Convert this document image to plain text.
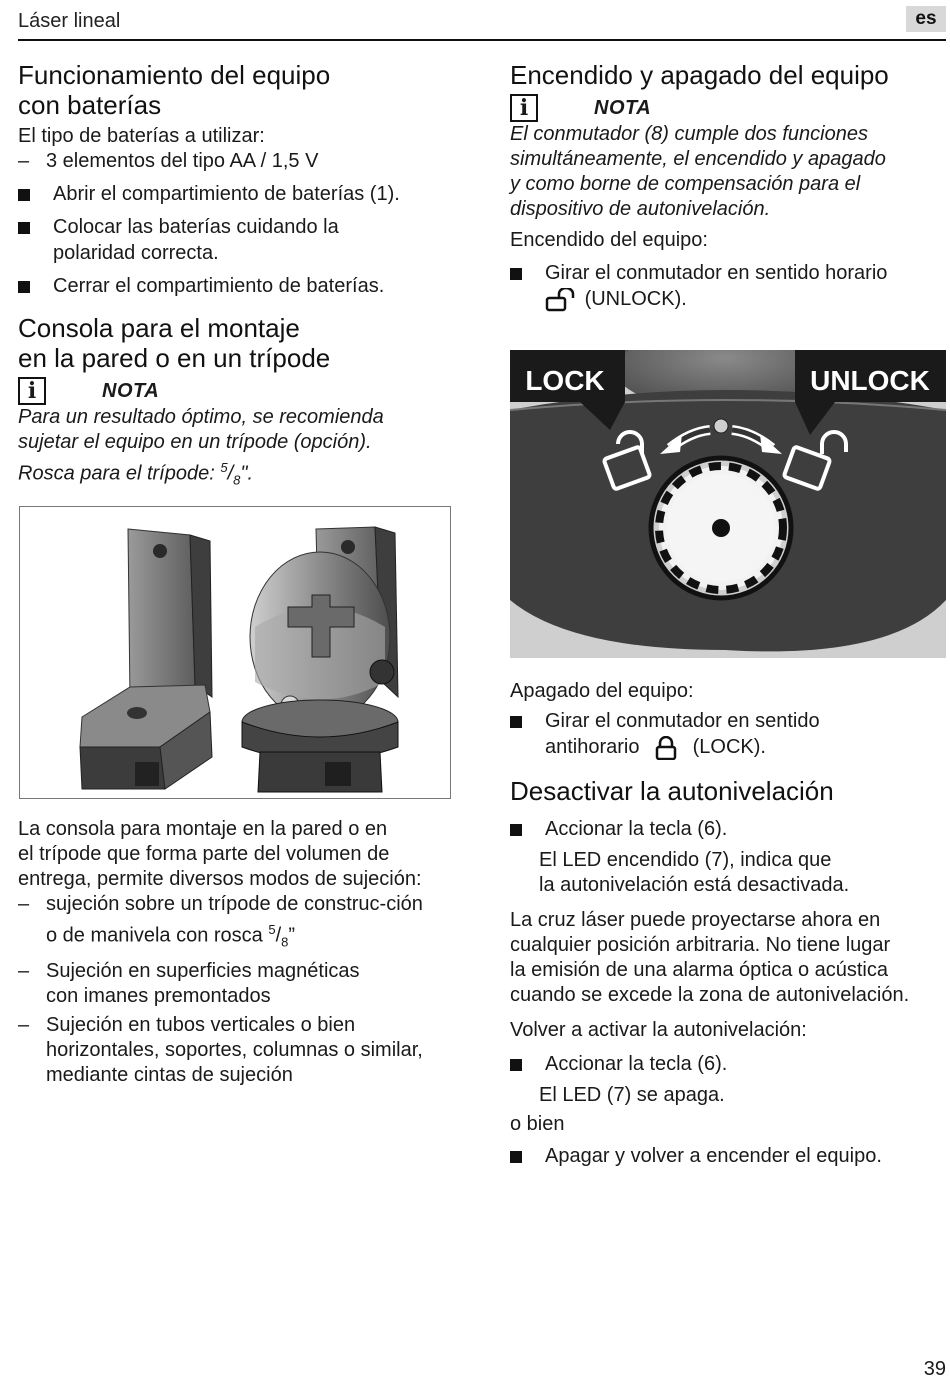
Láser lineal	es
Funcionamiento del equipo
con baterías

El tipo de baterías a utilizar:

– 3 elementos del tipo AA / 1,5 V
Abrir el compartimiento de baterías (1).
Colocar las baterías cuidando la
polaridad correcta.
Cerrar el compartimiento de baterías.
Consola para el montaje
en la pared o en un trípode
i	NOTA

Para un resultado óptimo, se recomienda
sujetar el equipo en un trípode (opción).
Rosca para el trípode: $^5/_8$".

La consola para montaje en la pared o en
el trípode que forma parte del volumen de
entrega, permite diversos modos de sujeción:

– sujeción sobre un trípode de construc-ción
o de manivela con rosca $^5/_8$”
– Sujeción en superficies magnéticas
con imanes premontados
– Sujeción en tubos verticales o bien
horizontales, soportes, columnas o similar,
mediante cintas de sujeción
Encendido y apagado del equipo
i	NOTA

El conmutador (8) cumple dos funciones
simultáneamente, el encendido y apagado
y como borne de compensación para el
dispositivo de autonivelación.

Encendido del equipo:

Girar el conmutador en sentido horario
(UNLOCK).
LOCK	UNLOCK

Apagado del equipo:

Girar el conmutador en sentido
antihorario	(LOCK).
Desactivar la autonivelación
Accionar la tecla (6).

El LED encendido (7), indica que
la autonivelación está desactivada.

La cruz láser puede proyectarse ahora en
cualquier posición arbitraria. No tiene lugar
la emisión de una alarma óptica o acústica
cuando se excede la zona de autonivelación.

Volver a activar la autonivelación:

Accionar la tecla (6).

El LED (7) se apaga.

o bien

Apagar y volver a encender el equipo.
39
